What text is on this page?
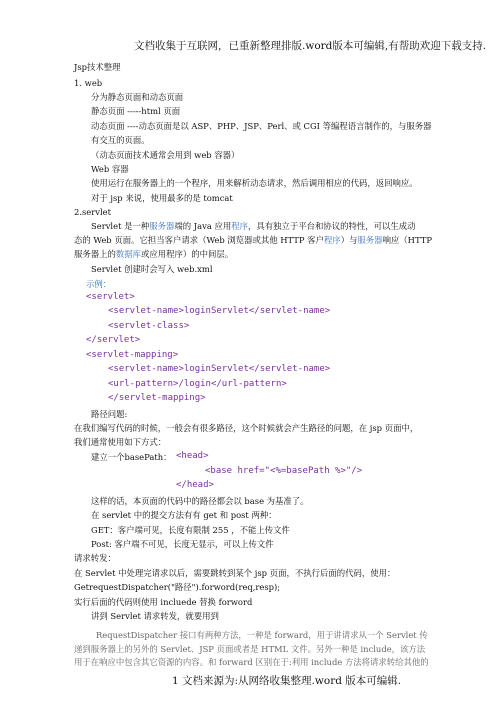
文档收集于互联网，已重新整理排版.word版本可编辑,有帮助欢迎下载支持.
Jsp技术整理
1. web
分为静态页面和动态页面
静态页面 -----html 页面
动态页面 ----动态页面是以 ASP、PHP、JSP、Perl、或 CGI 等编程语言制作的，与服务器
有交互的页面。
（动态页面技术通常会用到 web 容器）
Web 容器
使用运行在服务器上的一个程序，用来解析动态请求，然后调用相应的代码，返回响应。
对于 jsp 来说，使用最多的是 tomcat
2.servlet
Servlet 是一种服务器端的 Java 应用程序，具有独立于平台和协议的特性，可以生成动
态的 Web 页面。它担当客户请求（Web 浏览器或其他 HTTP 客户程序）与服务器响应（HTTP
服务器上的数据库或应用程序）的中间层。
Servlet 创建时会写入 web.xml
示例：
<servlet>
<servlet-name>loginServlet</servlet-name>
<servlet-class>
</servlet>
<servlet-mapping>
<servlet-name>loginServlet</servlet-name>
<url-pattern>/login</url-pattern>
</servlet-mapping>
路径问题:
在我们编写代码的时候，一般会有很多路径，这个时候就会产生路径的问题，在 jsp 页面中，
我们通常使用如下方式：
建立一个basePath： <head>
<base href="<%=basePath %>"/>
</head>
这样的话，本页面的代码中的路径都会以 base 为基准了。
在 servlet 中的提交方法有有 get 和 post 两种：
GET：客户端可见，长度有限制 255 ，不能上传文件
Post: 客户端不可见，长度无显示，可以上传文件
请求转发：
在 Servlet 中处理完请求以后，需要跳转到某个 jsp 页面，不执行后面的代码，使用：
GetrequestDispatcher("路径").forword(req,resp);
实行后面的代码则使用 incluede 替换 forword
讲到 Servlet 请求转发，就要用到
RequestDispatcher 接口有两种方法，一种是 forward，用于讲请求从一个 Servlet 传递到服务器上的另外的 Servlet、JSP 页面或者是 HTML 文件。另外一种是 include，该方法用于在响应中包含其它资源的内容。和 forward 区别在于:利用 include 方法将请求转给其他的
1 文档来源为:从网络收集整理.word 版本可编辑.
